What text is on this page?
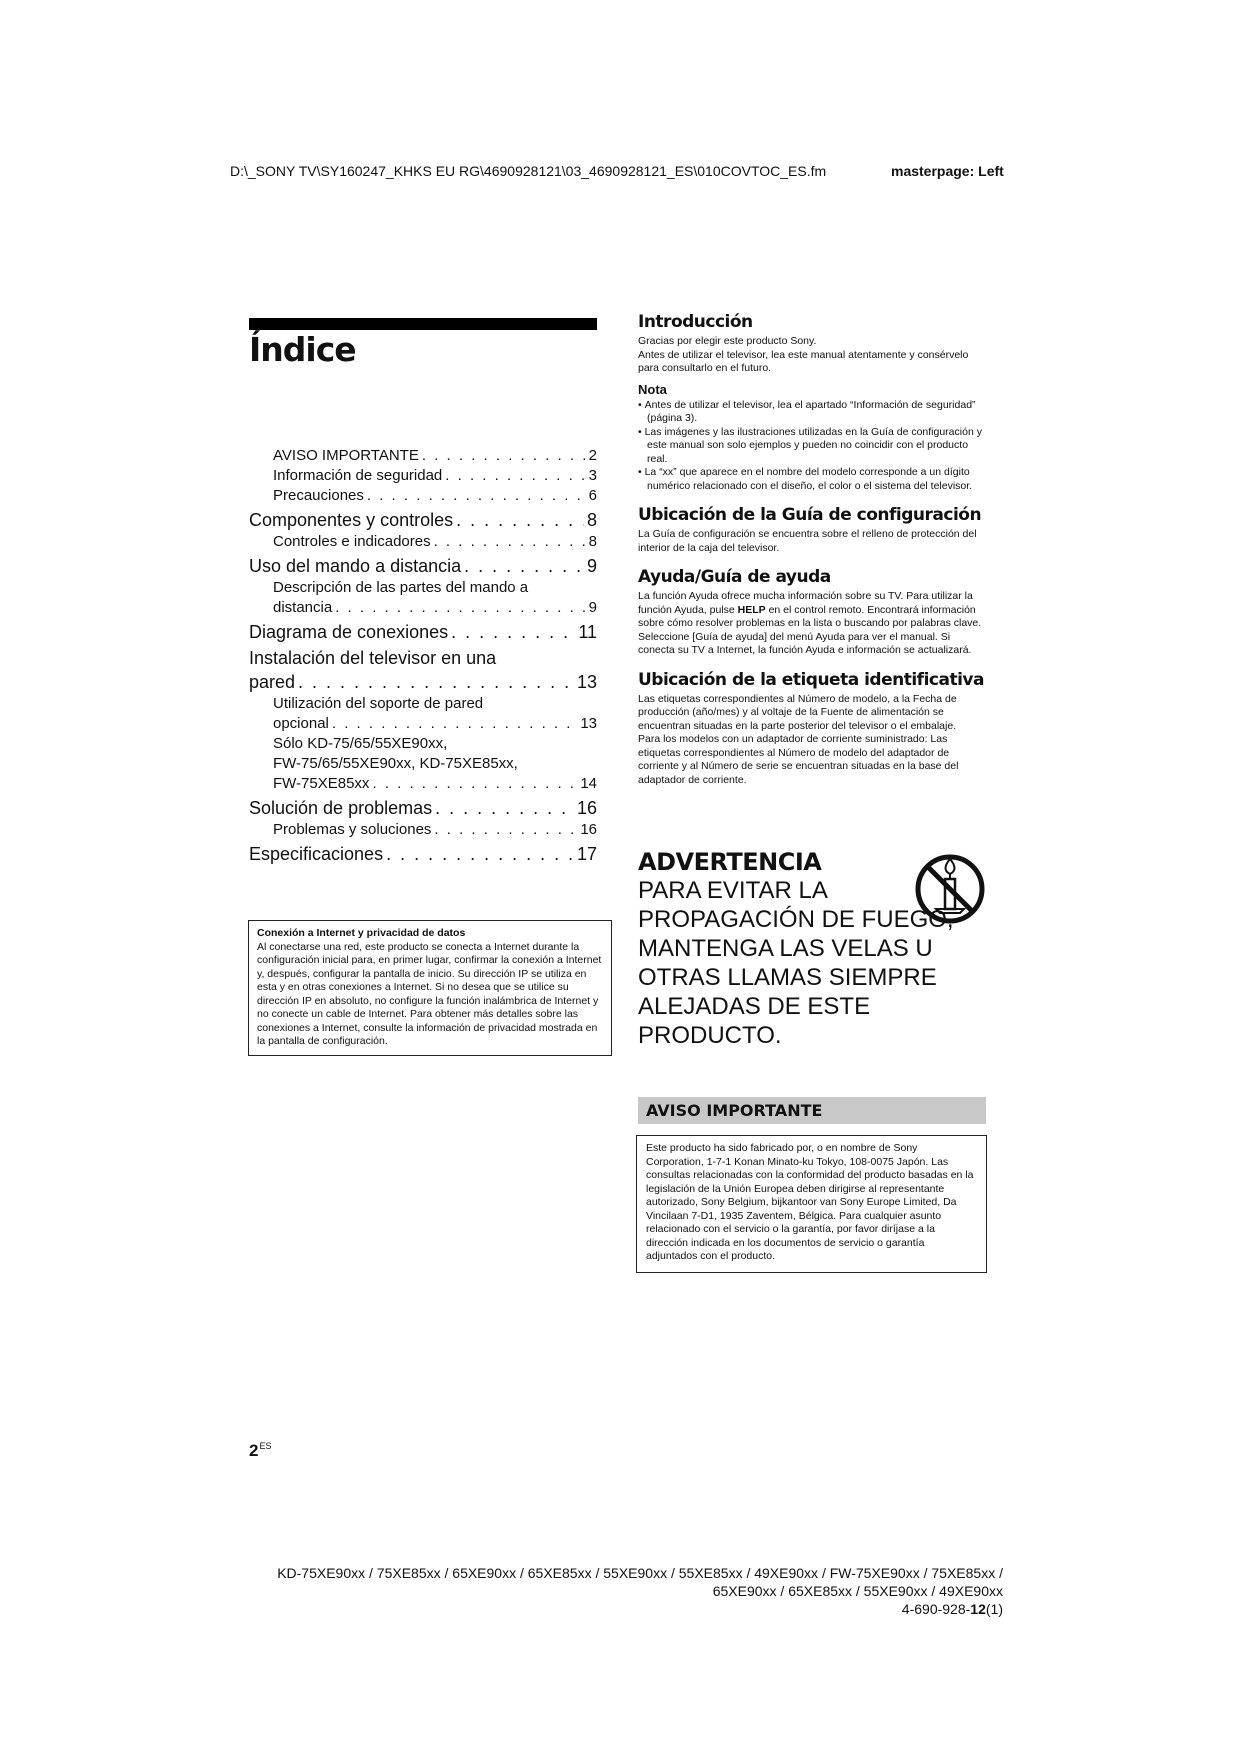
D:\_SONY TV\SY160247_KHKS EU RG\4690928121\03_4690928121_ES\010COVTOC_ES.fm	masterpage: Left
Índice
AVISO IMPORTANTE . . .	2
Información de seguridad . . .	3
Precauciones . . .	6
Componentes y controles . . .	8
Controles e indicadores . . .	8
Uso del mando a distancia . . .	9
Descripción de las partes del mando a
distancia . . .	9
Diagrama de conexiones . . .	11
Instalación del televisor en una
pared . . .	13
Utilización del soporte de pared
opcional . . .	13
Sólo KD-75/65/55XE90xx,
FW-75/65/55XE90xx, KD-75XE85xx,
FW-75XE85xx . . .	14
Solución de problemas . . .	16
Problemas y soluciones . . .	16
Especificaciones . . .	17
Conexión a Internet y privacidad de datos
Al conectarse una red, este producto se conecta a Internet durante la configuración inicial para, en primer lugar, confirmar la conexión a Internet y, después, configurar la pantalla de inicio. Su dirección IP se utiliza en esta y en otras conexiones a Internet. Si no desea que se utilice su dirección IP en absoluto, no configure la función inalámbrica de Internet y no conecte un cable de Internet. Para obtener más detalles sobre las conexiones a Internet, consulte la información de privacidad mostrada en la pantalla de configuración.
$2^{ES}$
Introducción
Gracias por elegir este producto Sony.
Antes de utilizar el televisor, lea este manual atentamente y consérvelo para consultarlo en el futuro.
Nota
• Antes de utilizar el televisor, lea el apartado “Información de seguridad” (página 3).
• Las imágenes y las ilustraciones utilizadas en la Guía de configuración y este manual son solo ejemplos y pueden no coincidir con el producto real.
• La “xx” que aparece en el nombre del modelo corresponde a un dígito numérico relacionado con el diseño, el color o el sistema del televisor.
Ubicación de la Guía de configuración
La Guía de configuración se encuentra sobre el relleno de protección del interior de la caja del televisor.
Ayuda/Guía de ayuda
La función Ayuda ofrece mucha información sobre su TV. Para utilizar la función Ayuda, pulse HELP en el control remoto. Encontrará información sobre cómo resolver problemas en la lista o buscando por palabras clave. Seleccione [Guía de ayuda] del menú Ayuda para ver el manual. Si conecta su TV a Internet, la función Ayuda e información se actualizará.
Ubicación de la etiqueta identificativa
Las etiquetas correspondientes al Número de modelo, a la Fecha de producción (año/mes) y al voltaje de la Fuente de alimentación se encuentran situadas en la parte posterior del televisor o el embalaje.
Para los modelos con un adaptador de corriente suministrado: Las etiquetas correspondientes al Número de modelo del adaptador de corriente y al Número de serie se encuentran situadas en la base del adaptador de corriente.
ADVERTENCIA
PARA EVITAR LA PROPAGACIÓN DE FUEGO, MANTENGA LAS VELAS U OTRAS LLAMAS SIEMPRE ALEJADAS DE ESTE PRODUCTO.
AVISO IMPORTANTE
Este producto ha sido fabricado por, o en nombre de Sony Corporation, 1-7-1 Konan Minato-ku Tokyo, 108-0075 Japón. Las consultas relacionadas con la conformidad del producto basadas en la legislación de la Unión Europea deben dirigirse al representante autorizado, Sony Belgium, bijkantoor van Sony Europe Limited, Da Vincilaan 7-D1, 1935 Zaventem, Bélgica. Para cualquier asunto relacionado con el servicio o la garantía, por favor diríjase a la dirección indicada en los documentos de servicio o garantía adjuntados con el producto.
KD-75XE90xx / 75XE85xx / 65XE90xx / 65XE85xx / 55XE90xx / 55XE85xx / 49XE90xx / FW-75XE90xx / 75XE85xx /
65XE90xx / 65XE85xx / 55XE90xx / 49XE90xx
4-690-928-12(1)
